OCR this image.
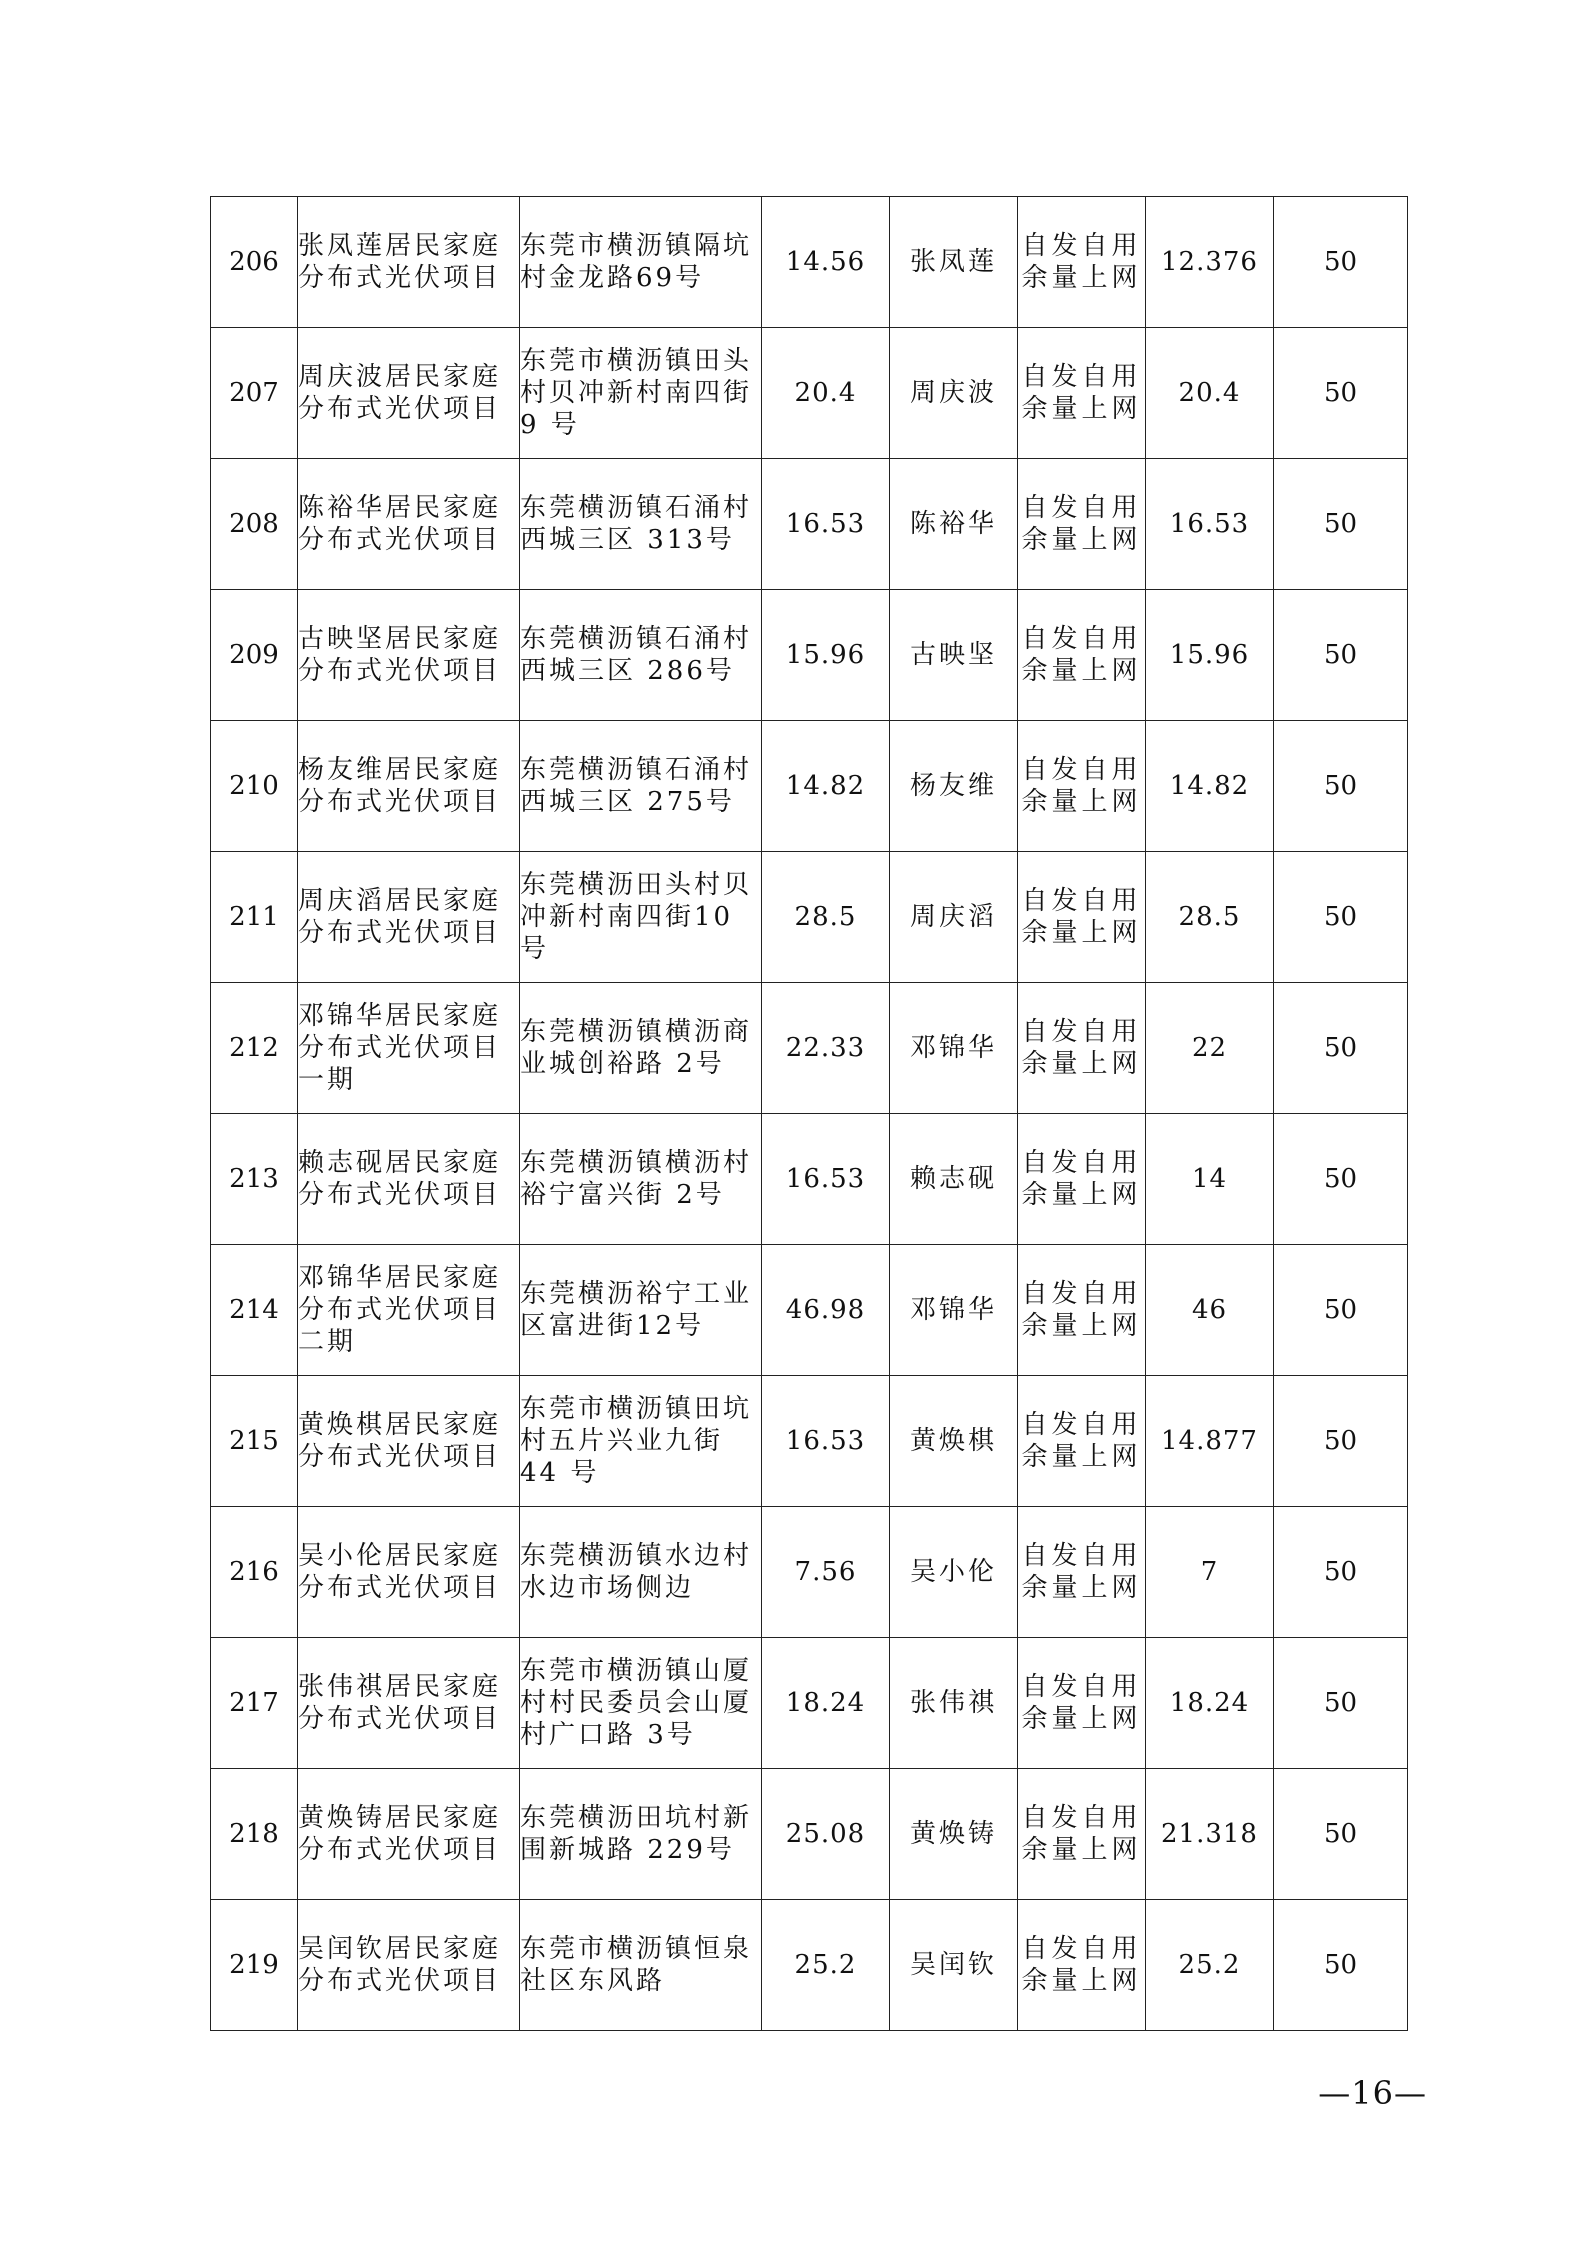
206	张凤莲居民家庭分布式光伏项目	东莞市横沥镇隔坑村金龙路69号	14.56	张凤莲	自发自用余量上网	12.376	50
207	周庆波居民家庭分布式光伏项目	东莞市横沥镇田头村贝冲新村南四街 9 号	20.4	周庆波	自发自用余量上网	20.4	50
208	陈裕华居民家庭分布式光伏项目	东莞横沥镇石涌村西城三区 313号	16.53	陈裕华	自发自用余量上网	16.53	50
209	古映坚居民家庭分布式光伏项目	东莞横沥镇石涌村西城三区 286号	15.96	古映坚	自发自用余量上网	15.96	50
210	杨友维居民家庭分布式光伏项目	东莞横沥镇石涌村西城三区 275号	14.82	杨友维	自发自用余量上网	14.82	50
211	周庆滔居民家庭分布式光伏项目	东莞横沥田头村贝冲新村南四街10号	28.5	周庆滔	自发自用余量上网	28.5	50
212	邓锦华居民家庭分布式光伏项目一期	东莞横沥镇横沥商业城创裕路 2号	22.33	邓锦华	自发自用余量上网	22	50
213	赖志砚居民家庭分布式光伏项目	东莞横沥镇横沥村裕宁富兴街 2号	16.53	赖志砚	自发自用余量上网	14	50
214	邓锦华居民家庭分布式光伏项目二期	东莞横沥裕宁工业区富进街12号	46.98	邓锦华	自发自用余量上网	46	50
215	黄焕棋居民家庭分布式光伏项目	东莞市横沥镇田坑村五片兴业九街 44 号	16.53	黄焕棋	自发自用余量上网	14.877	50
216	吴小伦居民家庭分布式光伏项目	东莞横沥镇水边村水边市场侧边	7.56	吴小伦	自发自用余量上网	7	50
217	张伟祺居民家庭分布式光伏项目	东莞市横沥镇山厦村村民委员会山厦村广口路 3号	18.24	张伟祺	自发自用余量上网	18.24	50
218	黄焕铸居民家庭分布式光伏项目	东莞横沥田坑村新围新城路 229号	25.08	黄焕铸	自发自用余量上网	21.318	50
219	吴闰钦居民家庭分布式光伏项目	东莞市横沥镇恒泉社区东风路	25.2	吴闰钦	自发自用余量上网	25.2	50
—16—
